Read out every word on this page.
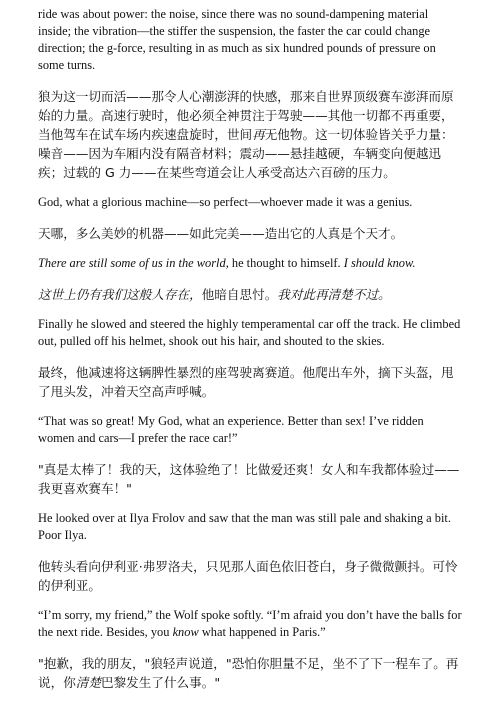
ride was about power: the noise, since there was no sound-dampening material inside; the vibration—the stiffer the suspension, the faster the car could change direction; the g-force, resulting in as much as six hundred pounds of pressure on some turns.

狼为这一切而活——那令人心潮澎湃的快感，那来自世界顶级赛车澎湃而原始的力量。高速行驶时，他必须全神贯注于驾驶——其他一切都不再重要，当他驾车在试车场内疾速盘旋时，世间再无他物。这一切体验皆关乎力量：噪音——因为车厢内没有隔音材料；震动——悬挂越硬，车辆变向便越迅疾；过载的 G 力——在某些弯道会让人承受高达六百磅的压力。

God, what a glorious machine—so perfect—whoever made it was a genius.

天哪，多么美妙的机器——如此完美——造出它的人真是个天才。

There are still some of us in the world, he thought to himself. I should know.

这世上仍有我们这般人存在，他暗自思忖。我对此再清楚不过。

Finally he slowed and steered the highly temperamental car off the track. He climbed out, pulled off his helmet, shook out his hair, and shouted to the skies.

最终，他减速将这辆脾性暴烈的座驾驶离赛道。他爬出车外，摘下头盔，甩了甩头发，冲着天空高声呼喊。

“That was so great! My God, what an experience. Better than sex! I’ve ridden women and cars—I prefer the race car!”

"真是太棒了！我的天，这体验绝了！比做爱还爽！女人和车我都体验过——我更喜欢赛车！"

He looked over at Ilya Frolov and saw that the man was still pale and shaking a bit. Poor Ilya.

他转头看向伊利亚·弗罗洛夫，只见那人面色依旧苍白，身子微微颤抖。可怜的伊利亚。

“I’m sorry, my friend,” the Wolf spoke softly. “I’m afraid you don’t have the balls for the next ride. Besides, you know what happened in Paris.”

"抱歉，我的朋友，"狼轻声说道，"恐怕你胆量不足，坐不了下一程车了。再说，你清楚巴黎发生了什么事。"
